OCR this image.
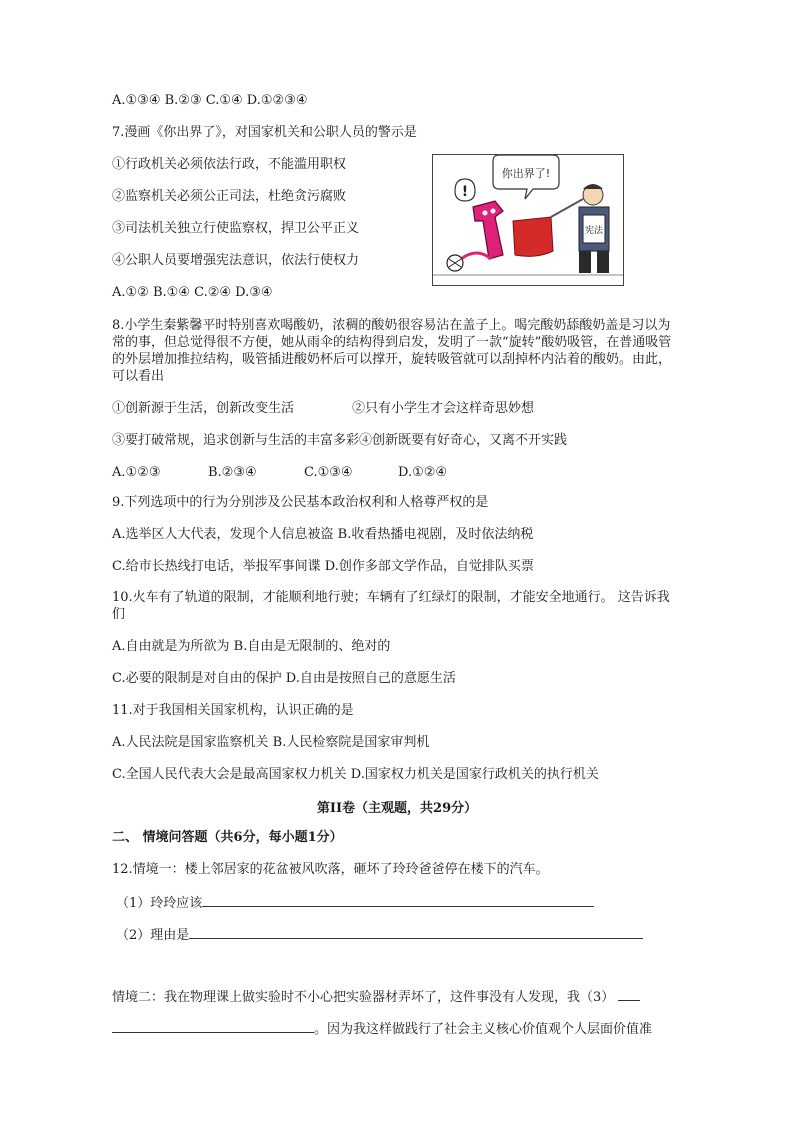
A.①③④ B.②③ C.①④ D.①②③④
7.漫画《你出界了》，对国家机关和公职人员的警示是
①行政机关必须依法行政，不能滥用职权
②监察机关必须公正司法，杜绝贪污腐败
③司法机关独立行使监察权，捍卫公平正义
④公职人员要增强宪法意识，依法行使权力
A.①② B.①④ C.②④ D.③④
你出界了!
!
宪法
8.小学生秦紫馨平时特别喜欢喝酸奶，浓稠的酸奶很容易沾在盖子上。喝完酸奶舔酸奶盖是习以为常的事，但总觉得很不方便，她从雨伞的结构得到启发，发明了一款“旋转”酸奶吸管，在普通吸管的外层增加推拉结构，吸管插进酸奶杯后可以撑开，旋转吸管就可以刮掉杯内沾着的酸奶。由此，可以看出
①创新源于生活，创新改变生活	②只有小学生才会这样奇思妙想
③要打破常规，追求创新与生活的丰富多彩④创新既要有好奇心，又离不开实践
A.①②③	B.②③④	C.①③④	D.①②④
9.下列选项中的行为分别涉及公民基本政治权利和人格尊严权的是
A.选举区人大代表，发现个人信息被盗 B.收看热播电视剧，及时依法纳税
C.给市长热线打电话，举报军事间谍 D.创作多部文学作品，自觉排队买票
10.火车有了轨道的限制，才能顺利地行驶；车辆有了红绿灯的限制，才能安全地通行。 这告诉我们
A.自由就是为所欲为 B.自由是无限制的、绝对的
C.必要的限制是对自由的保护 D.自由是按照自己的意愿生活
11.对于我国相关国家机构，认识正确的是
A.人民法院是国家监察机关 B.人民检察院是国家审判机
C.全国人民代表大会是最高国家权力机关 D.国家权力机关是国家行政机关的执行机关
第II卷（主观题，共29分）
二、 情境问答题（共6分，每小题1分）
12.情境一：楼上邻居家的花盆被风吹落，砸坏了玲玲爸爸停在楼下的汽车。
（1）玲玲应该
（2）理由是
情境二：我在物理课上做实验时不小心把实验器材弄坏了，这件事没有人发现，我（3）
。因为我这样做践行了社会主义核心价值观个人层面价值准
